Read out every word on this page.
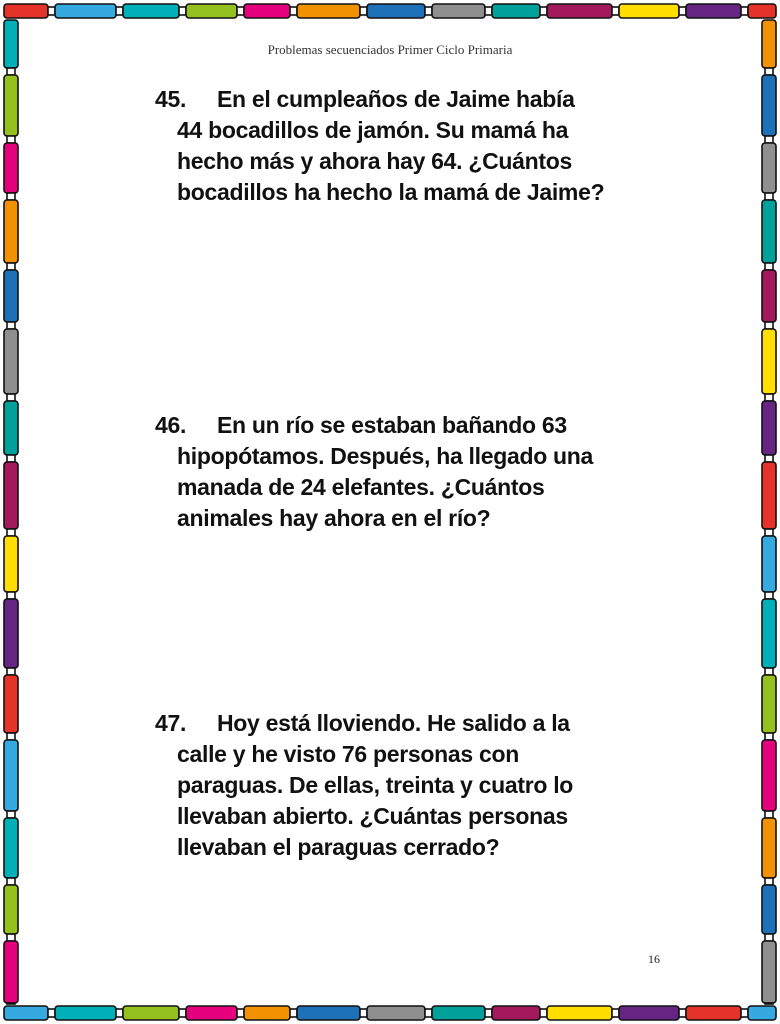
Problemas secuenciados Primer Ciclo Primaria
45. En el cumpleaños de Jaime había
44 bocadillos de jamón. Su mamá ha
hecho más y ahora hay 64. ¿Cuántos
bocadillos ha hecho la mamá de Jaime?
46. En un río se estaban bañando 63
hipopótamos. Después, ha llegado una
manada de 24 elefantes. ¿Cuántos
animales hay ahora en el río?
47. Hoy está lloviendo. He salido a la
calle y he visto 76 personas con
paraguas. De ellas, treinta y cuatro lo
llevaban abierto. ¿Cuántas personas
llevaban el paraguas cerrado?
16
